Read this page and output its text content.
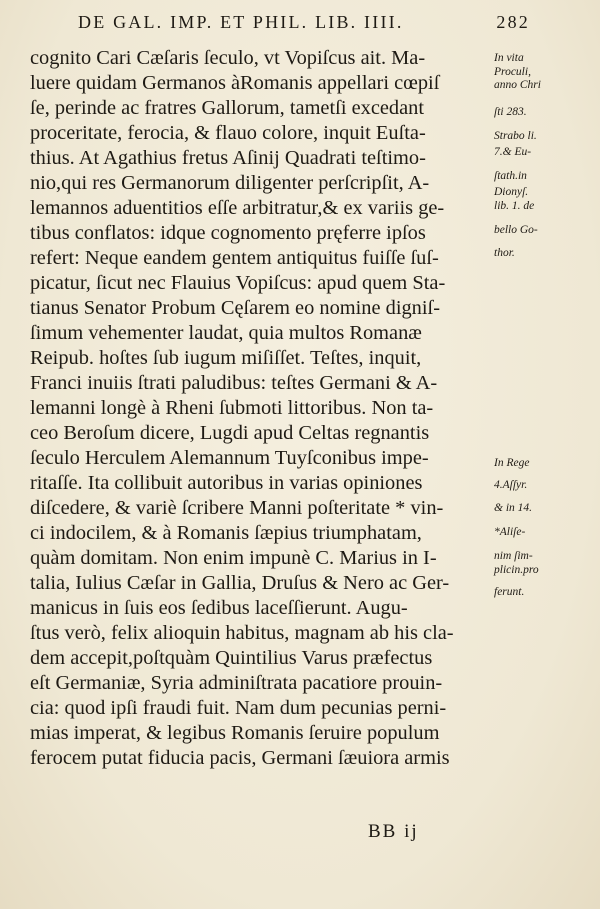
DE GAL. IMP. ET PHIL. LIB. IIII.	282
cognito Cari Cæſaris ſeculo, vt Vopiſcus ait. Ma-
luere quidam Germanos àRomanis appellari cœpiſ
ſe, perinde ac fratres Gallorum, tametſi excedant
proceritate, ferocia, & flauo colore, inquit Euſta-
thius. At Agathius fretus Aſinij Quadrati teſtimo-
nio,qui res Germanorum diligenter perſcripſit, A-
lemannos aduentitios eſſe arbitratur,& ex variis ge-
tibus conflatos: idque cognomento pręferre ipſos
refert: Neque eandem gentem antiquitus fuiſſe ſuſ-
picatur, ſicut nec Flauius Vopiſcus: apud quem Sta-
tianus Senator Probum Cęſarem eo nomine digniſ-
ſimum vehementer laudat, quia multos Romanæ
Reipub. hoſtes ſub iugum miſiſſet. Teſtes, inquit,
Franci inuiis ſtrati paludibus: teſtes Germani & A-
lemanni longè à Rheni ſubmoti littoribus. Non ta-
ceo Beroſum dicere, Lugdi apud Celtas regnantis
ſeculo Herculem Alemannum Tuyſconibus impe-
ritaſſe. Ita collibuit autoribus in varias opiniones
diſcedere, & variè ſcribere Manni poſteritate * vin-
ci indocilem, & à Romanis ſæpius triumphatam,
quàm domitam. Non enim impunè C. Marius in I-
talia, Iulius Cæſar in Gallia, Druſus & Nero ac Ger-
manicus in ſuis eos ſedibus laceſſierunt. Augu-
ſtus verò, felix alioquin habitus, magnam ab his cla-
dem accepit,poſtquàm Quintilius Varus præfectus
eſt Germaniæ, Syria adminiſtrata pacatiore prouin-
cia: quod ipſi fraudi fuit. Nam dum pecunias perni-
mias imperat, & legibus Romanis ſeruire populum
ferocem putat fiducia pacis, Germani ſæuiora armis
In vita
Proculi,
anno Chri
ſti 283.
Strabo li.
7.& Eu-
ſtath.in
Dionyſ.
lib. 1. de
bello Go-
thor.
In Rege
4.Aſſyr.
& in 14.
*Aliſe-
nim ſim-
plicin.pro
ferunt.
BB ij
